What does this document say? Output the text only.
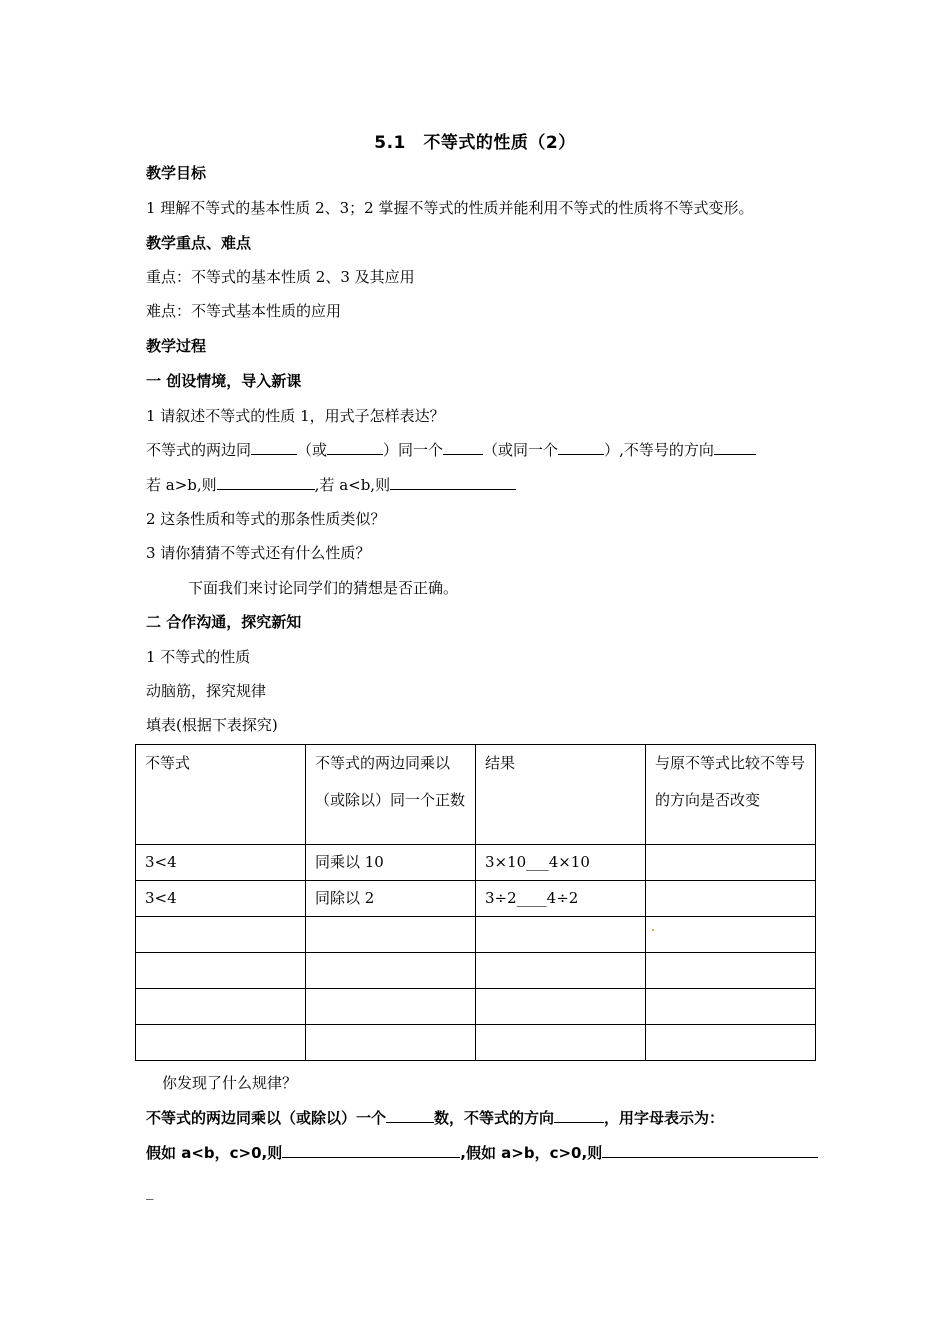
5.1　不等式的性质（2）
教学目标
1 理解不等式的基本性质 2、3；2 掌握不等式的性质并能利用不等式的性质将不等式变形。
教学重点、难点
重点：不等式的基本性质 2、3 及其应用
难点：不等式基本性质的应用
教学过程
一 创设情境，导入新课
1 请叙述不等式的性质 1，用式子怎样表达？
不等式的两边同	（或	）同一个	（或同一个	）,不等号的方向
若 a>b,则	,若 a<b,则
2 这条性质和等式的那条性质类似？
3 请你猜猜不等式还有什么性质？
下面我们来讨论同学们的猜想是否正确。
二 合作沟通，探究新知
1 不等式的性质
动脑筋，探究规律
填表(根据下表探究)
不等式	不等式的两边同乘以（或除以）同一个正数	结果	与原不等式比较不等号的方向是否改变
3<4	同乘以 10	3×10___4×10	
3<4	同除以 2	3÷2____4÷2	

你发现了什么规律？
不等式的两边同乘以（或除以）一个	数，不等式的方向	，用字母表示为：
假如 a<b，c>0,则	,假如 a>b，c>0,则
_
